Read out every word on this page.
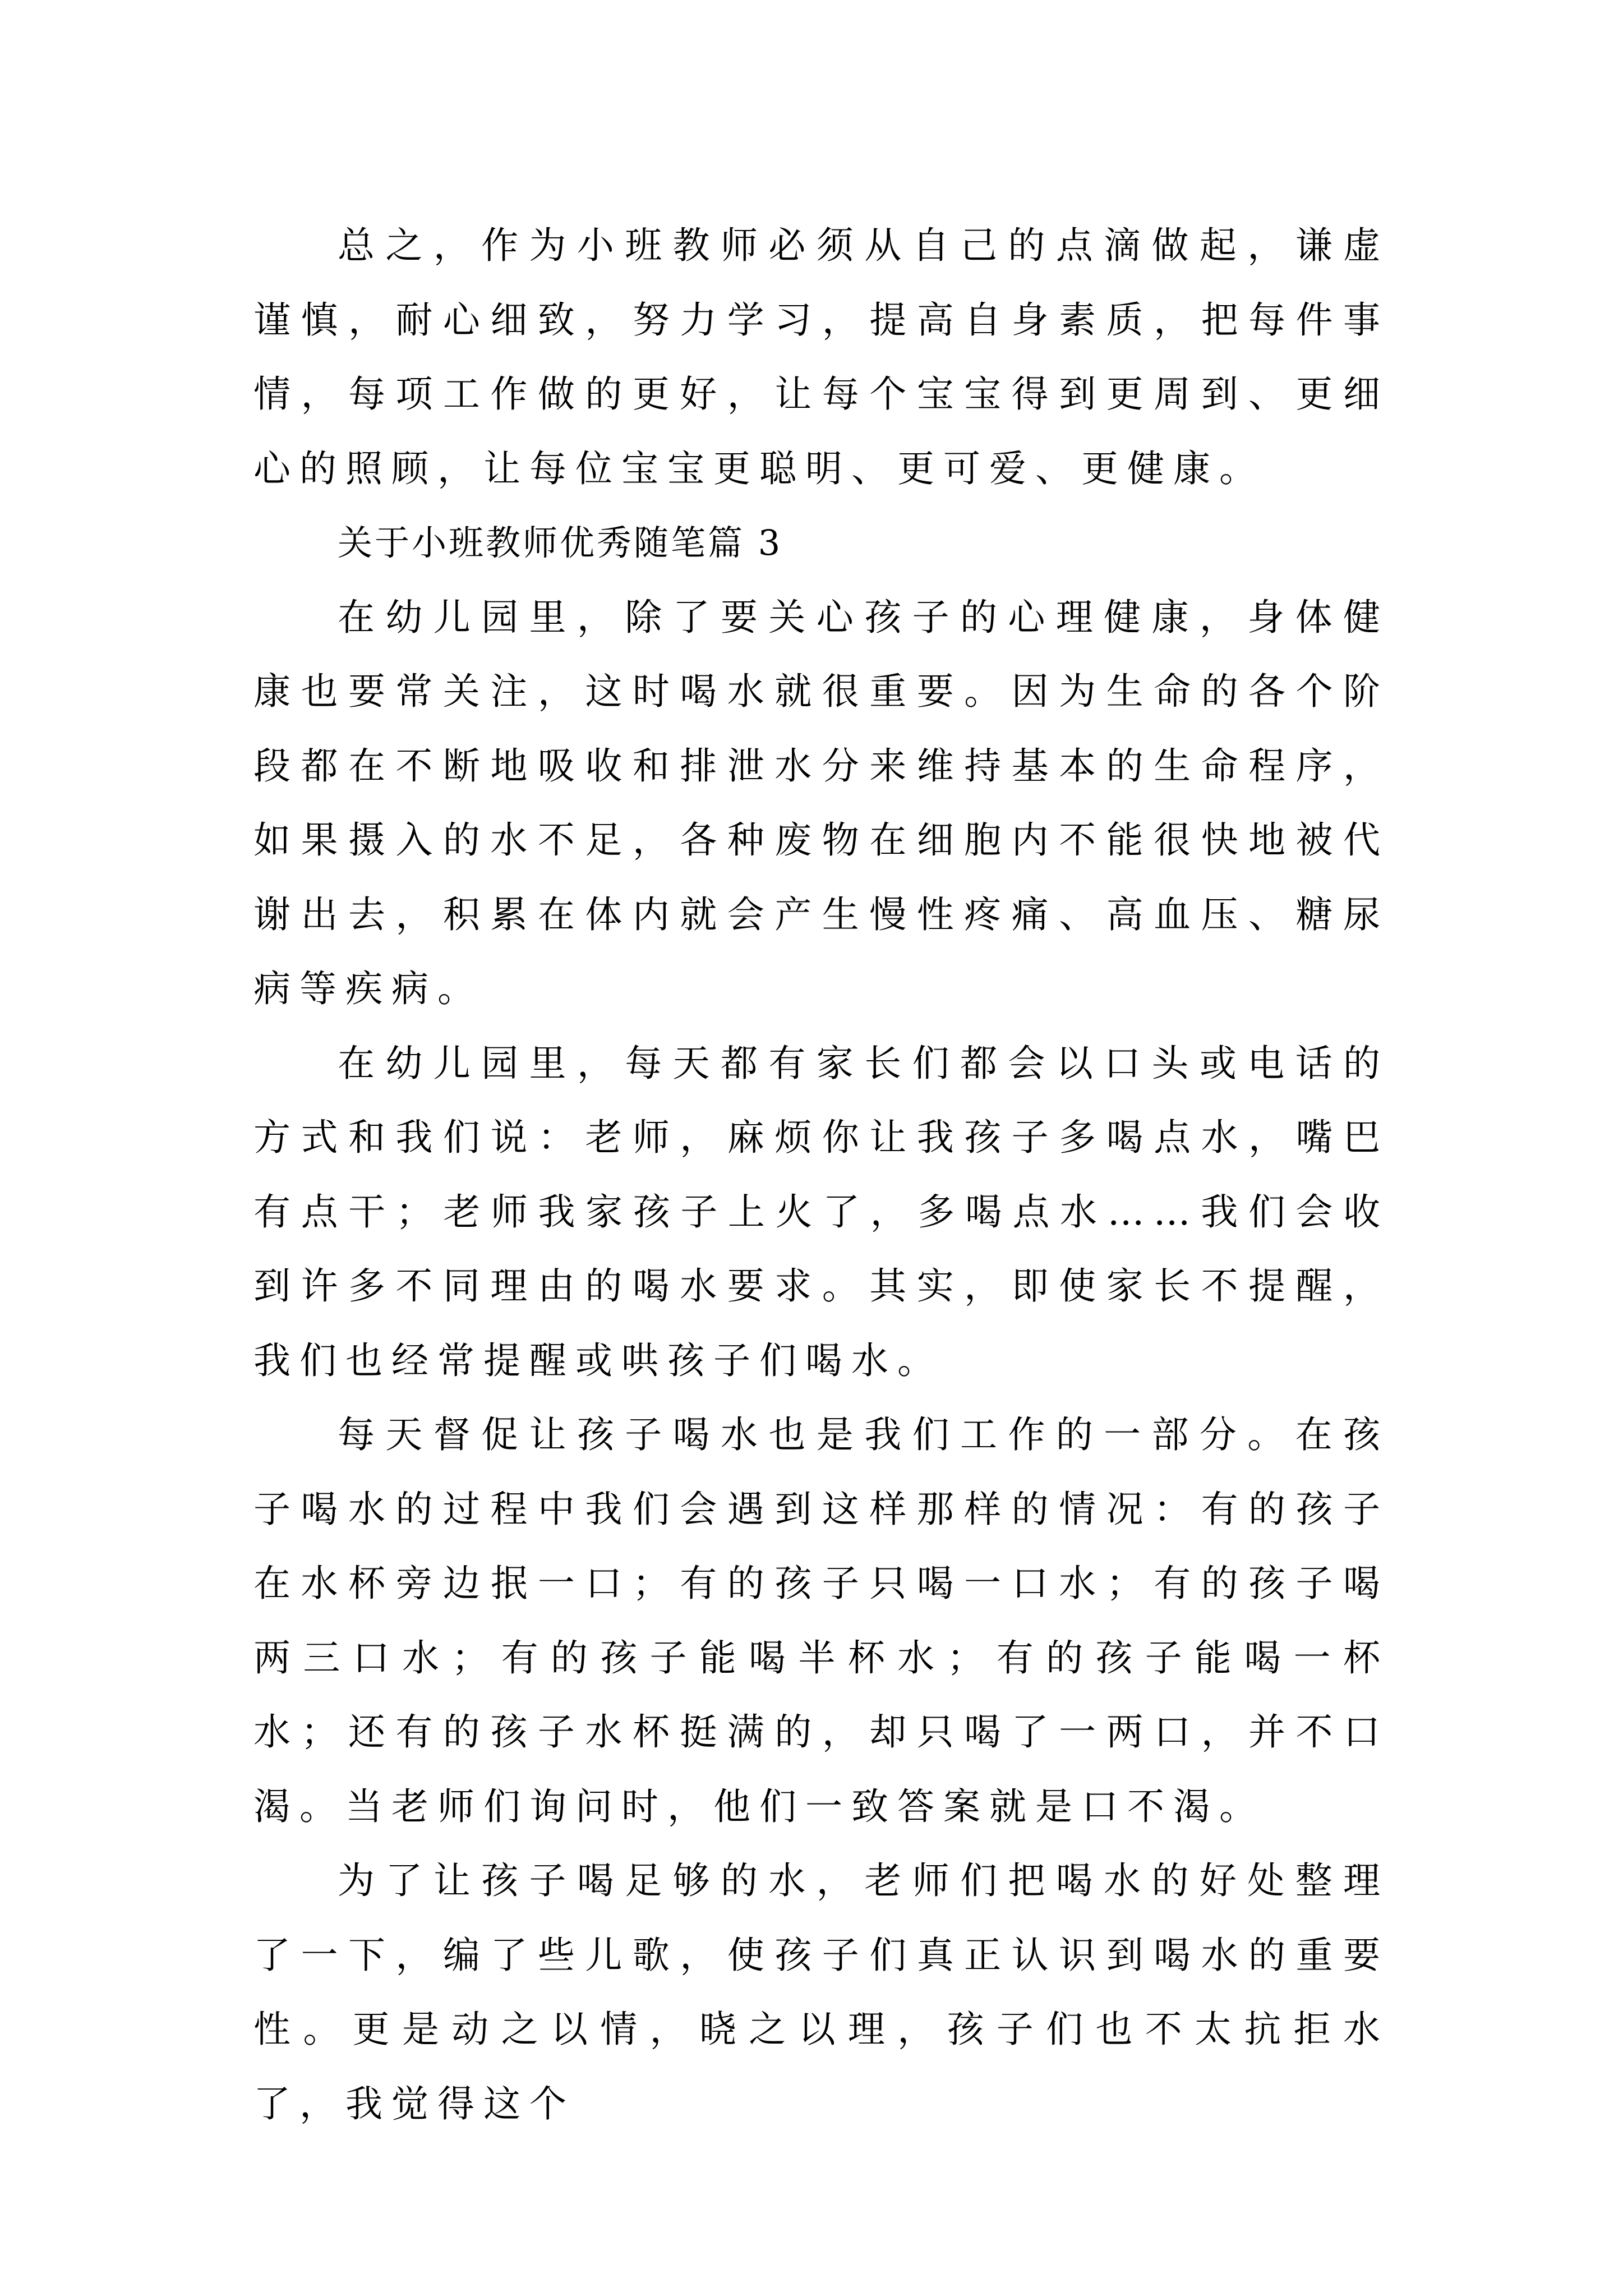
总之，作为小班教师必须从自己的点滴做起，谦虚谨慎，耐心细致，努力学习，提高自身素质，把每件事情，每项工作做的更好，让每个宝宝得到更周到、更细心的照顾，让每位宝宝更聪明、更可爱、更健康。

关于小班教师优秀随笔篇 3

在幼儿园里，除了要关心孩子的心理健康，身体健康也要常关注，这时喝水就很重要。因为生命的各个阶段都在不断地吸收和排泄水分来维持基本的生命程序，如果摄入的水不足，各种废物在细胞内不能很快地被代谢出去，积累在体内就会产生慢性疼痛、高血压、糖尿病等疾病。

在幼儿园里，每天都有家长们都会以口头或电话的方式和我们说：老师，麻烦你让我孩子多喝点水，嘴巴有点干；老师我家孩子上火了，多喝点水……我们会收到许多不同理由的喝水要求。其实，即使家长不提醒，我们也经常提醒或哄孩子们喝水。

每天督促让孩子喝水也是我们工作的一部分。在孩子喝水的过程中我们会遇到这样那样的情况：有的孩子在水杯旁边抿一口；有的孩子只喝一口水；有的孩子喝两三口水；有的孩子能喝半杯水；有的孩子能喝一杯水；还有的孩子水杯挺满的，却只喝了一两口，并不口渴。当老师们询问时，他们一致答案就是口不渴。

为了让孩子喝足够的水，老师们把喝水的好处整理了一下，编了些儿歌，使孩子们真正认识到喝水的重要性。更是动之以情，晓之以理，孩子们也不太抗拒水了，我觉得这个
